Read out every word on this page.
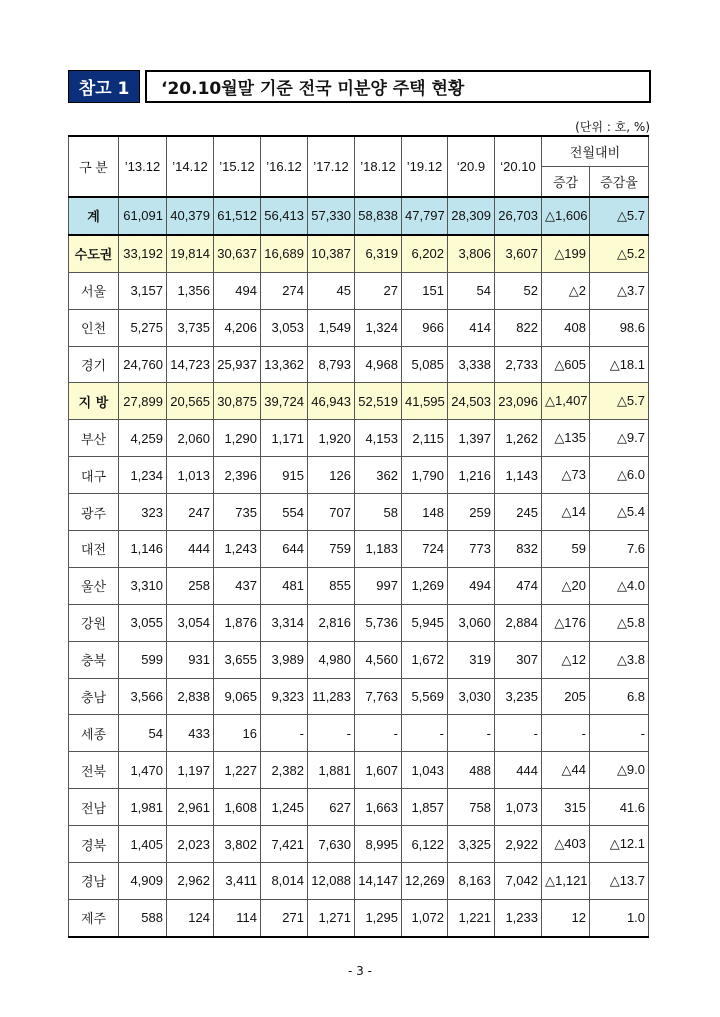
참고 1	‘20.10월말 기준 전국 미분양 주택 현황
(단위 : 호, %)
구 분	’13.12	’14.12	’15.12	’16.12	’17.12	’18.12	’19.12	‘20.9	‘20.10	전월대비	
										증감	증감율
계	61,091	40,379	61,512	56,413	57,330	58,838	47,797	28,309	26,703	△1,606	△5.7
수도권	33,192	19,814	30,637	16,689	10,387	6,319	6,202	3,806	3,607	△199	△5.2
서울	3,157	1,356	494	274	45	27	151	54	52	△2	△3.7
인천	5,275	3,735	4,206	3,053	1,549	1,324	966	414	822	408	98.6
경기	24,760	14,723	25,937	13,362	8,793	4,968	5,085	3,338	2,733	△605	△18.1
지 방	27,899	20,565	30,875	39,724	46,943	52,519	41,595	24,503	23,096	△1,407	△5.7
부산	4,259	2,060	1,290	1,171	1,920	4,153	2,115	1,397	1,262	△135	△9.7
대구	1,234	1,013	2,396	915	126	362	1,790	1,216	1,143	△73	△6.0
광주	323	247	735	554	707	58	148	259	245	△14	△5.4
대전	1,146	444	1,243	644	759	1,183	724	773	832	59	7.6
울산	3,310	258	437	481	855	997	1,269	494	474	△20	△4.0
강원	3,055	3,054	1,876	3,314	2,816	5,736	5,945	3,060	2,884	△176	△5.8
충북	599	931	3,655	3,989	4,980	4,560	1,672	319	307	△12	△3.8
충남	3,566	2,838	9,065	9,323	11,283	7,763	5,569	3,030	3,235	205	6.8
세종	54	433	16	-	-	-	-	-	-	-	-
전북	1,470	1,197	1,227	2,382	1,881	1,607	1,043	488	444	△44	△9.0
전남	1,981	2,961	1,608	1,245	627	1,663	1,857	758	1,073	315	41.6
경북	1,405	2,023	3,802	7,421	7,630	8,995	6,122	3,325	2,922	△403	△12.1
경남	4,909	2,962	3,411	8,014	12,088	14,147	12,269	8,163	7,042	△1,121	△13.7
제주	588	124	114	271	1,271	1,295	1,072	1,221	1,233	12	1.0
- 3 -
